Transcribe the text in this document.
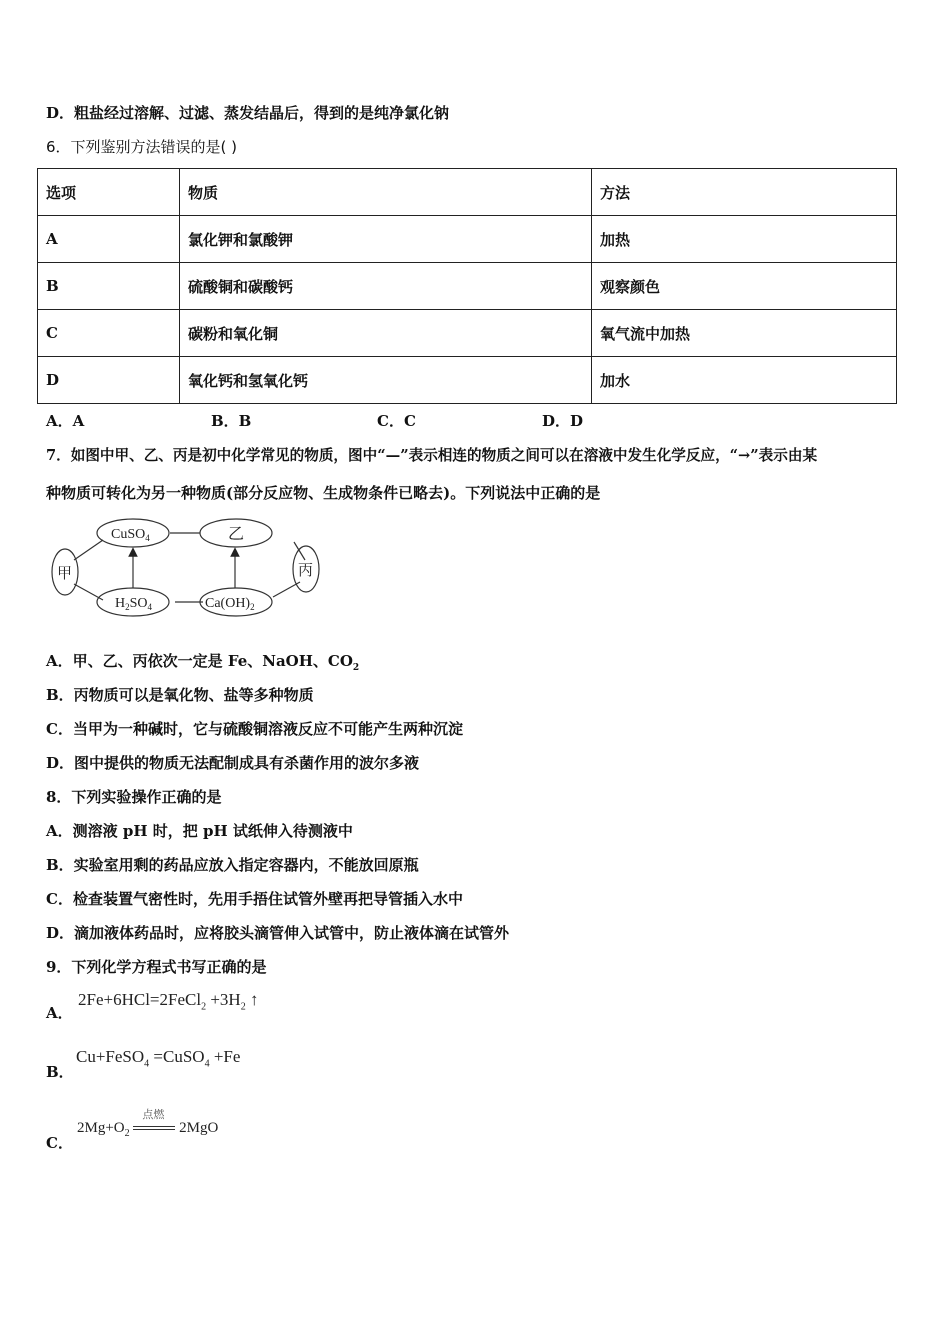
D．粗盐经过溶解、过滤、蒸发结晶后，得到的是纯净氯化钠
6．下列鉴别方法错误的是( )
选项	物质	方法
A	氯化钾和氯酸钾	加热
B	硫酸铜和碳酸钙	观察颜色
C	碳粉和氧化铜	氧气流中加热
D	氧化钙和氢氧化钙	加水
A．A	B．B	C．C	D．D
7．如图中甲、乙、丙是初中化学常见的物质，图中“—”表示相连的物质之间可以在溶液中发生化学反应，“→”表示由某
种物质可转化为另一种物质(部分反应物、生成物条件已略去)。下列说法中正确的是
CuSO$_4$	乙
$H_2SO_4$	$Ca(OH)_2$
甲	丙
A．甲、乙、丙依次一定是 Fe、NaOH、$CO_2$
B．丙物质可以是氧化物、盐等多种物质
C．当甲为一种碱时，它与硫酸铜溶液反应不可能产生两种沉淀
D．图中提供的物质无法配制成具有杀菌作用的波尔多液
8．下列实验操作正确的是
A．测溶液 pH 时，把 pH 试纸伸入待测液中
B．实验室用剩的药品应放入指定容器内，不能放回原瓶
C．检查装置气密性时，先用手捂住试管外壁再把导管插入水中
D．滴加液体药品时，应将胶头滴管伸入试管中，防止液体滴在试管外
9．下列化学方程式书写正确的是
A．
2Fe+6HCl=2FeCl$_2$ $+3H_2$ ↑
B．
Cu+FeSO$_4$ =CuSO$_4$ +Fe
C．
$2Mg+O_2$
点燃
2MgO
